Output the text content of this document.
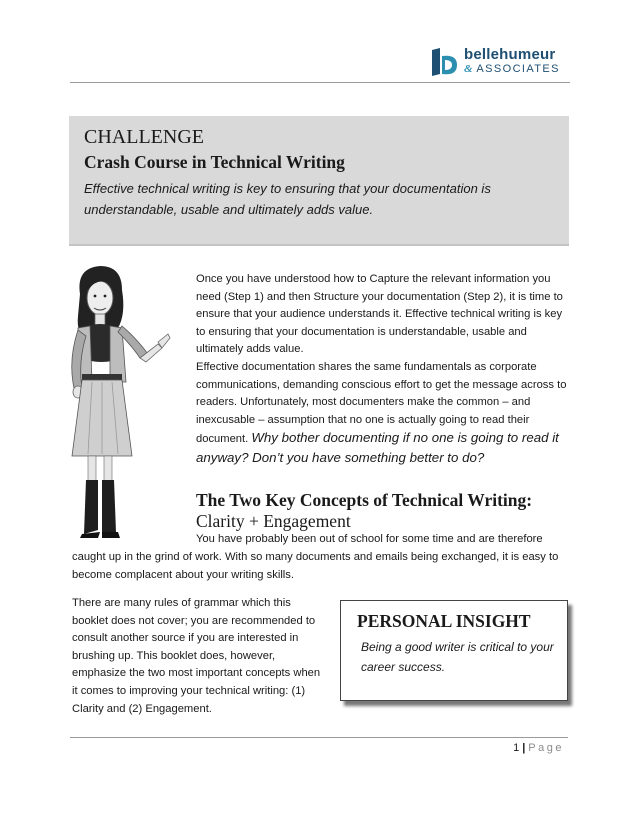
bellehumeur
& ASSOCIATES
CHALLENGE
Crash Course in Technical Writing
Effective technical writing is key to ensuring that your documentation is understandable, usable and ultimately adds value.
Once you have understood how to Capture the relevant information you need (Step 1) and then Structure your documentation (Step 2), it is time to ensure that your audience understands it. Effective technical writing is key to ensuring that your documentation is understandable, usable and ultimately adds value.
Effective documentation shares the same fundamentals as corporate communications, demanding conscious effort to get the message across to readers. Unfortunately, most documenters make the common – and inexcusable – assumption that no one is actually going to read their document. Why bother documenting if no one is going to read it anyway? Don’t you have something better to do?
The Two Key Concepts of Technical Writing: Clarity + Engagement
You have probably been out of school for some time and are therefore
caught up in the grind of work. With so many documents and emails being exchanged, it is easy to become complacent about your writing skills.
There are many rules of grammar which this booklet does not cover; you are recommended to consult another source if you are interested in brushing up. This booklet does, however, emphasize the two most important concepts when it comes to improving your technical writing: (1) Clarity and (2) Engagement.
PERSONAL INSIGHT
Being a good writer is critical to your career success.
1 | Page
